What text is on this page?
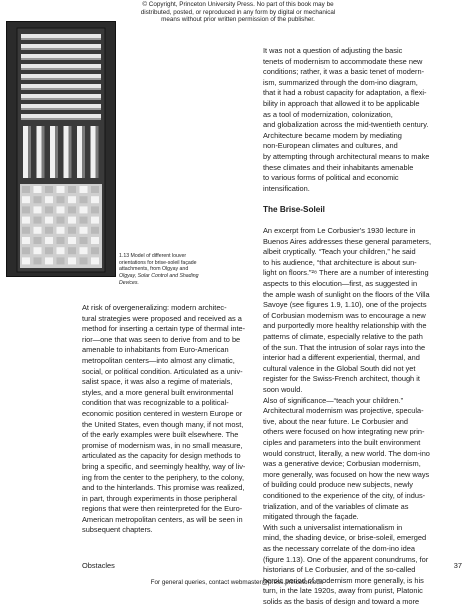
© Copyright, Princeton University Press. No part of this book may be
distributed, posted, or reproduced in any form by digital or mechanical
means without prior written permission of the publisher.
1.13 Model of different louver
orientations for brise-soleil façade
attachments, from Olgyay and
Olgyay, Solar Control and Shading
Devices.
It was not a question of adjusting the basic
tenets of modernism to accommodate these new
conditions; rather, it was a basic tenet of modern-
ism, summarized through the dom-ino diagram,
that it had a robust capacity for adaptation, a flexi-
bility in approach that allowed it to be applicable
as a tool of modernization, colonization,
and globalization across the mid-twentieth century.
Architecture became modern by mediating
non-European climates and cultures, and
by attempting through architectural means to make
these climates and their inhabitants amenable
to various forms of political and economic
intensification.
The Brise-Soleil
An excerpt from Le Corbusier’s 1930 lecture in
Buenos Aires addresses these general parameters,
albeit cryptically. “Teach your children,” he said
to his audience, “that architecture is about sun-
light on floors.”²⁸ There are a number of interesting
aspects to this elocution—first, as suggested in
the ample wash of sunlight on the floors of the Villa
Savoye (see figures 1.9, 1.10), one of the projects
of Corbusian modernism was to encourage a new
and purportedly more healthy relationship with the
patterns of climate, especially relative to the path
of the sun. That the intrusion of solar rays into the
interior had a different experiential, thermal, and
cultural valence in the Global South did not yet
register for the Swiss-French architect, though it
soon would.
Also of significance—“teach your children.”
Architectural modernism was projective, specula-
tive, about the near future. Le Corbusier and
others were focused on how integrating new prin-
ciples and parameters into the built environment
would construct, literally, a new world. The dom-ino
was a generative device; Corbusian modernism,
more generally, was focused on how the new ways
of building could produce new subjects, newly
conditioned to the experience of the city, of indus-
trialization, and of the variables of climate as
mitigated through the façade.
With such a universalist internationalism in
mind, the shading device, or brise-soleil, emerged
as the necessary correlate of the dom-ino idea
(figure 1.13). One of the apparent conundrums, for
historians of Le Corbusier, and of the so-called
heroic period of modernism more generally, is his
turn, in the late 1920s, away from purist, Platonic
solids as the basis of design and toward a more
At risk of overgeneralizing: modern architec-
tural strategies were proposed and received as a
method for inserting a certain type of thermal inte-
rior—one that was seen to derive from and to be
amenable to inhabitants from Euro-American
metropolitan centers—into almost any climatic,
social, or political condition. Articulated as a univ-
salist space, it was also a regime of materials,
styles, and a more general built environmental
condition that was recognizable to a political-
economic position centered in western Europe or
the United States, even though many, if not most,
of the early examples were built elsewhere. The
promise of modernism was, in no small measure,
articulated as the capacity for design methods to
bring a specific, and seemingly healthy, way of liv-
ing from the center to the periphery, to the colony,
and to the hinterlands. This promise was realized,
in part, through experiments in those peripheral
regions that were then reinterpreted for the Euro-
American metropolitan centers, as will be seen in
subsequent chapters.
Obstacles	37
For general queries, contact webmaster@press.princeton.edu
